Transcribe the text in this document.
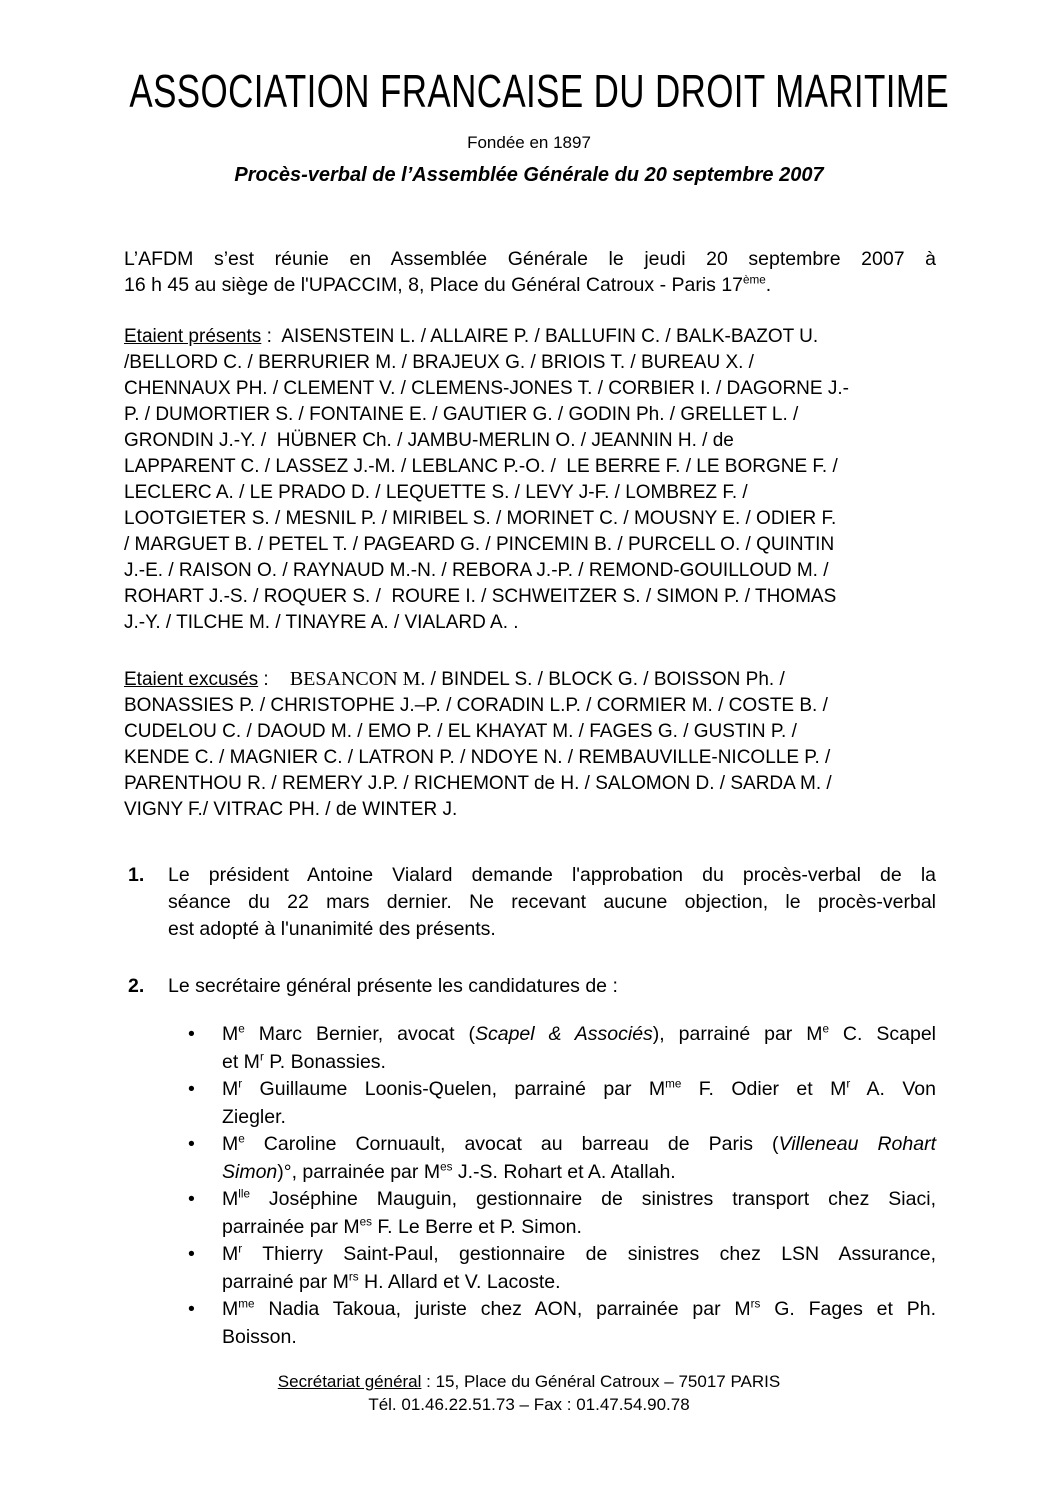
ASSOCIATION FRANCAISE DU DROIT MARITIME
Fondée en 1897
Procès-verbal de l’Assemblée Générale du 20 septembre 2007
L’AFDM s’est réunie en Assemblée Générale le jeudi 20 septembre 2007 à
16 h 45 au siège de l'UPACCIM, 8, Place du Général Catroux - Paris 17ème.
Etaient présents :  AISENSTEIN L. / ALLAIRE P. / BALLUFIN C. / BALK-BAZOT U.
/BELLORD C. / BERRURIER M. / BRAJEUX G. / BRIOIS T. / BUREAU X. /
CHENNAUX PH. / CLEMENT V. / CLEMENS-JONES T. / CORBIER I. / DAGORNE J.-
P. / DUMORTIER S. / FONTAINE E. / GAUTIER G. / GODIN Ph. / GRELLET L. /
GRONDIN J.-Y. /  HÜBNER Ch. / JAMBU-MERLIN O. / JEANNIN H. / de
LAPPARENT C. / LASSEZ J.-M. / LEBLANC P.-O. /  LE BERRE F. / LE BORGNE F. /
LECLERC A. / LE PRADO D. / LEQUETTE S. / LEVY J-F. / LOMBREZ F. /
LOOTGIETER S. / MESNIL P. / MIRIBEL S. / MORINET C. / MOUSNY E. / ODIER F.
/ MARGUET B. / PETEL T. / PAGEARD G. / PINCEMIN B. / PURCELL O. / QUINTIN
J.-E. / RAISON O. / RAYNAUD M.-N. / REBORA J.-P. / REMOND-GOUILLOUD M. /
ROHART J.-S. / ROQUER S. /  ROURE I. / SCHWEITZER S. / SIMON P. / THOMAS
J.-Y. / TILCHE M. / TINAYRE A. / VIALARD A. .
Etaient excusés :    BESANCON M. / BINDEL S. / BLOCK G. / BOISSON Ph. /
BONASSIES P. / CHRISTOPHE J.–P. / CORADIN L.P. / CORMIER M. / COSTE B. /
CUDELOU C. / DAOUD M. / EMO P. / EL KHAYAT M. / FAGES G. / GUSTIN P. /
KENDE C. / MAGNIER C. / LATRON P. / NDOYE N. / REMBAUVILLE-NICOLLE P. /
PARENTHOU R. / REMERY J.P. / RICHEMONT de H. / SALOMON D. / SARDA M. /
VIGNY F./ VITRAC PH. / de WINTER J.
1.	Le président Antoine Vialard demande l'approbation du procès-verbal de la
séance du 22 mars dernier. Ne recevant aucune objection, le procès-verbal
est adopté à l'unanimité des présents.
2.	Le secrétaire général présente les candidatures de :
•	Me Marc Bernier, avocat (Scapel & Associés), parrainé par Me C. Scapel
et $M^r$ P. Bonassies.
•	$M^r$ Guillaume Loonis-Quelen, parrainé par $M^{me}$ F. Odier et $M^r$ A. Von
Ziegler.
•	Me Caroline Cornuault, avocat au barreau de Paris (Villeneau Rohart
Simon)°, parrainée par $M^{es}$ J.-S. Rohart et A. Atallah.
•	$M^{lle}$ Joséphine Mauguin, gestionnaire de sinistres transport chez Siaci,
parrainée par $M^{es}$ F. Le Berre et P. Simon.
•	$M^r$ Thierry Saint-Paul, gestionnaire de sinistres chez LSN Assurance,
parrainé par $M^{rs}$ H. Allard et V. Lacoste.
•	$M^{me}$ Nadia Takoua, juriste chez AON, parrainée par $M^{rs}$ G. Fages et Ph.
Boisson.
Secrétariat général : 15, Place du Général Catroux – 75017 PARIS
Tél. 01.46.22.51.73 – Fax : 01.47.54.90.78
